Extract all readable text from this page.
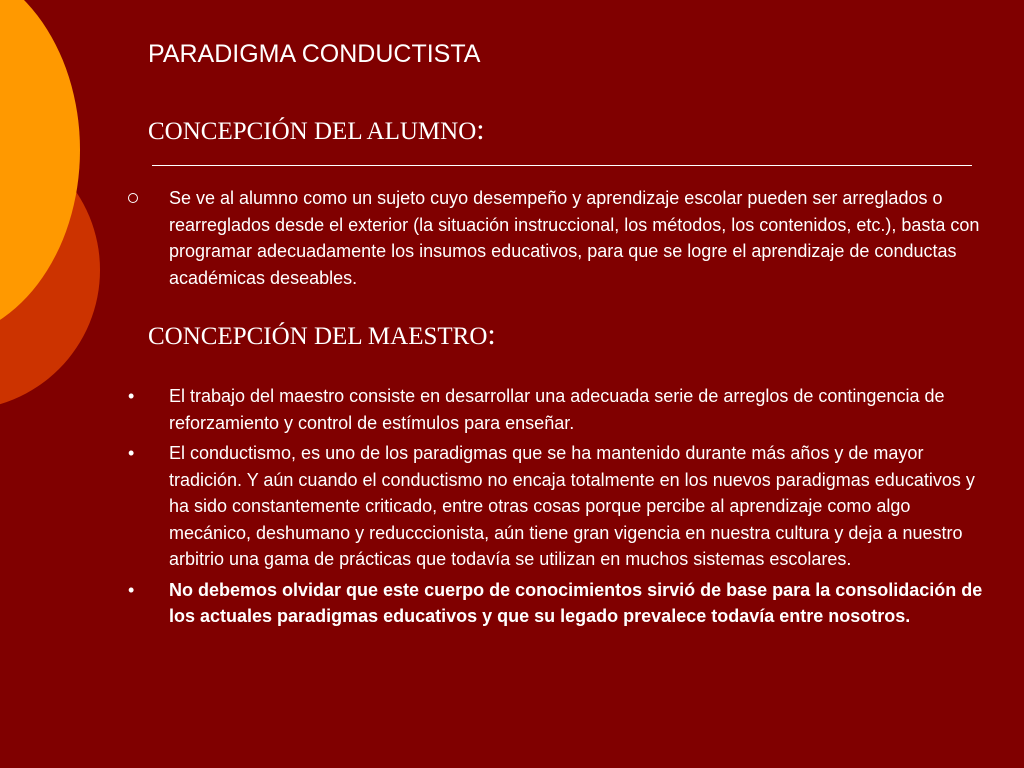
PARADIGMA CONDUCTISTA
CONCEPCIÓN DEL ALUMNO:
Se ve al alumno como un sujeto cuyo desempeño y aprendizaje escolar pueden ser arreglados o rearreglados desde el exterior (la situación instruccional, los métodos, los contenidos, etc.), basta con programar adecuadamente los insumos educativos, para que se logre el aprendizaje de conductas académicas deseables.
CONCEPCIÓN DEL MAESTRO:
•	El trabajo del maestro consiste en desarrollar una adecuada serie de arreglos de contingencia de reforzamiento y control de estímulos para enseñar.
•	El conductismo, es uno de los paradigmas que se ha mantenido durante más años y de mayor tradición. Y aún cuando el conductismo no encaja totalmente en los nuevos paradigmas educativos y ha sido constantemente criticado, entre otras cosas porque percibe al aprendizaje como algo mecánico, deshumano y reducccionista, aún tiene gran vigencia en nuestra cultura y deja a nuestro arbitrio una gama de prácticas que todavía se utilizan en muchos sistemas escolares.
•	No debemos olvidar que este cuerpo de conocimientos sirvió de base para la consolidación de los actuales paradigmas educativos y que su legado prevalece todavía entre nosotros.
